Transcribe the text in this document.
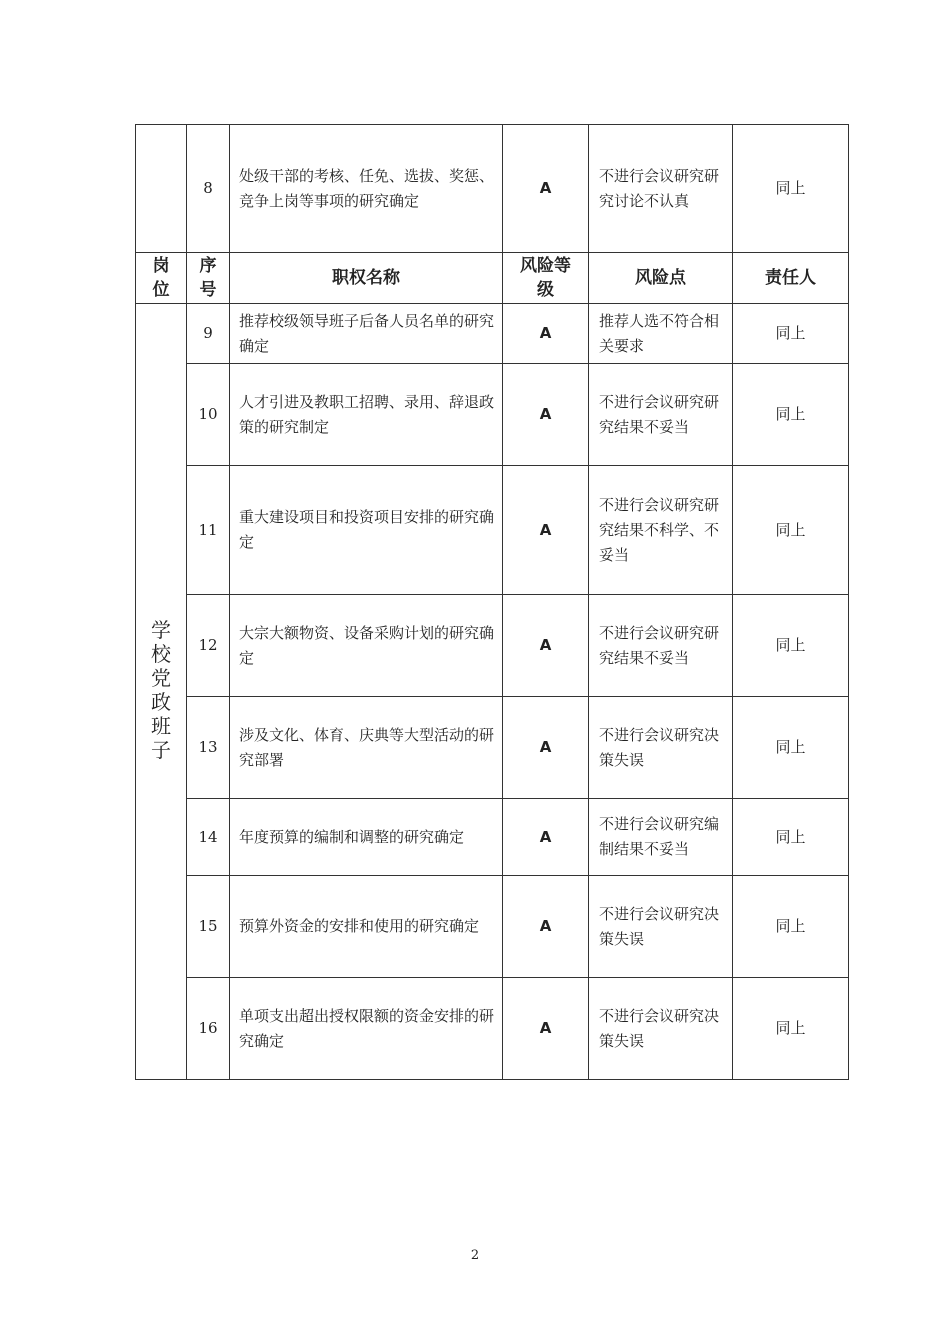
	8	处级干部的考核、任免、选拔、奖惩、竞争上岗等事项的研究确定	A	不进行会议研究研究讨论不认真	同上
岗位	序号	职权名称	风险等级	风险点	责任人
学校党政班子	9	推荐校级领导班子后备人员名单的研究确定	A	推荐人选不符合相关要求	同上
	10	人才引进及教职工招聘、录用、辞退政策的研究制定	A	不进行会议研究研究结果不妥当	同上
	11	重大建设项目和投资项目安排的研究确定	A	不进行会议研究研究结果不科学、不妥当	同上
	12	大宗大额物资、设备采购计划的研究确定	A	不进行会议研究研究结果不妥当	同上
	13	涉及文化、体育、庆典等大型活动的研究部署	A	不进行会议研究决策失误	同上
	14	年度预算的编制和调整的研究确定	A	不进行会议研究编制结果不妥当	同上
	15	预算外资金的安排和使用的研究确定	A	不进行会议研究决策失误	同上
	16	单项支出超出授权限额的资金安排的研究确定	A	不进行会议研究决策失误	同上
2
